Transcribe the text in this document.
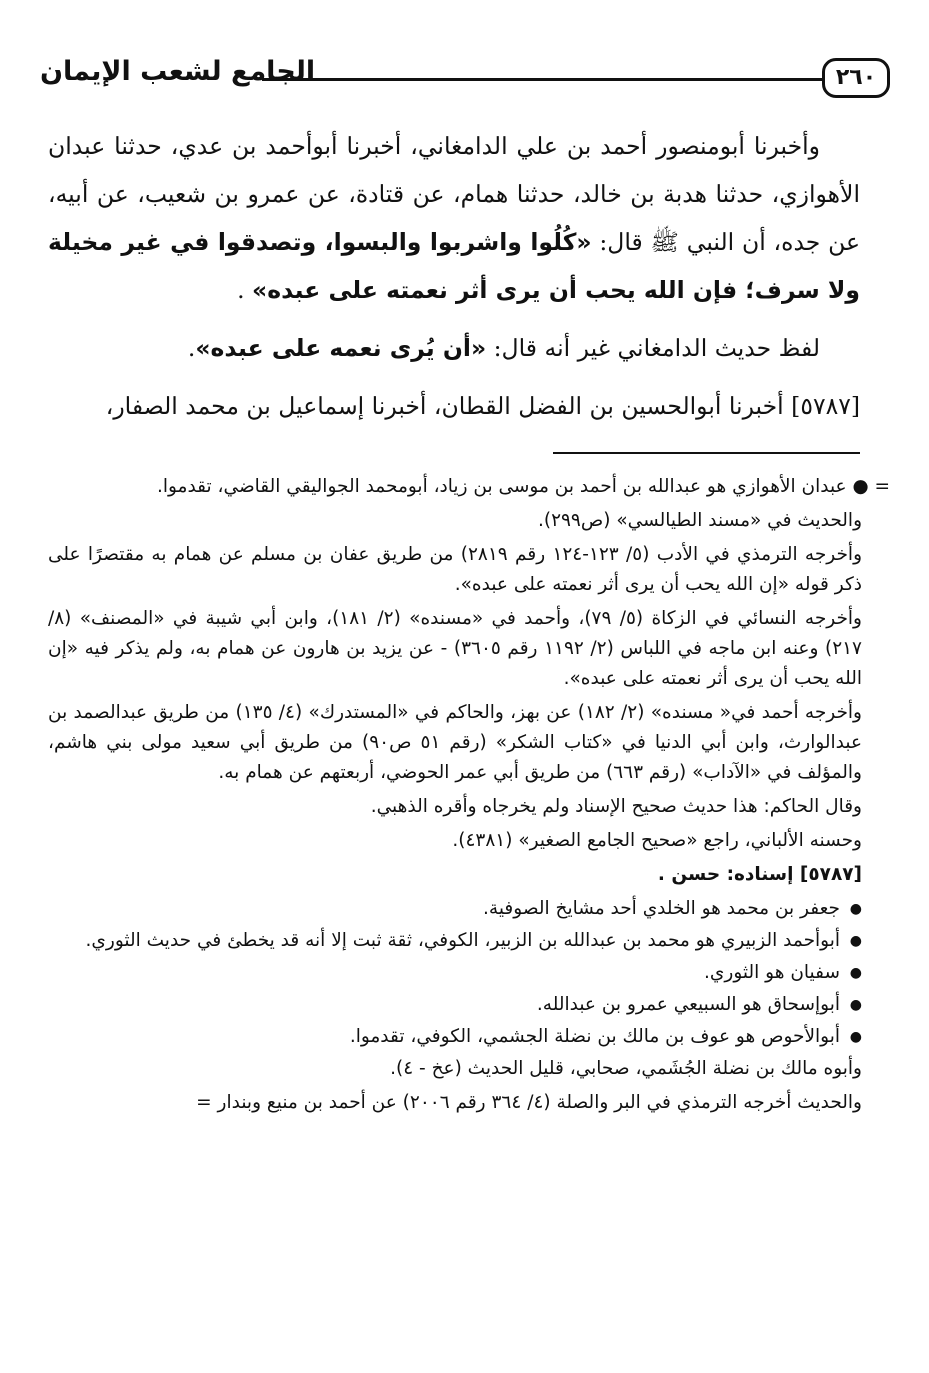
٢٦٠
الجامع لشعب الإيمان

وأخبرنا أبومنصور أحمد بن علي الدامغاني، أخبرنا أبوأحمد بن عدي، حدثنا عبدان الأهوازي، حدثنا هدبة بن خالد، حدثنا همام، عن قتادة، عن عمرو بن شعيب، عن أبيه، عن جده، أن النبي ﷺ قال: «كُلُوا واشربوا والبسوا، وتصدقوا في غير مخيلة ولا سرف؛ فإن الله يحب أن يرى أثر نعمته على عبده» .

لفظ حديث الدامغاني غير أنه قال: «أن يُرى نعمه على عبده».

[٥٧٨٧] أخبرنا أبوالحسين بن الفضل القطان، أخبرنا إسماعيل بن محمد الصفار،

= ● عبدان الأهوازي هو عبدالله بن أحمد بن موسى بن زياد، أبومحمد الجواليقي القاضي، تقدموا.

والحديث في «مسند الطيالسي» (ص٢٩٩).

وأخرجه الترمذي في الأدب (٥/ ١٢٣-١٢٤ رقم ٢٨١٩) من طريق عفان بن مسلم عن همام به مقتصرًا على ذكر قوله «إن الله يحب أن يرى أثر نعمته على عبده».

وأخرجه النسائي في الزكاة (٥/ ٧٩)، وأحمد في «مسنده» (٢/ ١٨١)، وابن أبي شيبة في «المصنف» (٨/ ٢١٧) وعنه ابن ماجه في اللباس (٢/ ١١٩٢ رقم ٣٦٠٥) - عن يزيد بن هارون عن همام به، ولم يذكر فيه «إن الله يحب أن يرى أثر نعمته على عبده».

وأخرجه أحمد في« مسنده» (٢/ ١٨٢) عن بهز، والحاكم في «المستدرك» (٤/ ١٣٥) من طريق عبدالصمد بن عبدالوارث، وابن أبي الدنيا في «كتاب الشكر» (رقم ٥١ ص٩٠) من طريق أبي سعيد مولى بني هاشم، والمؤلف في «الآداب» (رقم ٦٦٣) من طريق أبي عمر الحوضي، أربعتهم عن همام به.

وقال الحاكم: هذا حديث صحيح الإسناد ولم يخرجاه وأقره الذهبي.

وحسنه الألباني، راجع «صحيح الجامع الصغير» (٤٣٨١).

[٥٧٨٧] إسناده: حسن .

● جعفر بن محمد هو الخلدي أحد مشايخ الصوفية.

● أبوأحمد الزبيري هو محمد بن عبدالله بن الزبير، الكوفي، ثقة ثبت إلا أنه قد يخطئ في حديث الثوري.

● سفيان هو الثوري.

● أبوإسحاق هو السبيعي عمرو بن عبدالله.

● أبوالأحوص هو عوف بن مالك بن نضلة الجشمي، الكوفي، تقدموا.

وأبوه مالك بن نضلة الجُشَمي، صحابي، قليل الحديث (عخ - ٤).

والحديث أخرجه الترمذي في البر والصلة (٤/ ٣٦٤ رقم ٢٠٠٦) عن أحمد بن منيع وبندار =
